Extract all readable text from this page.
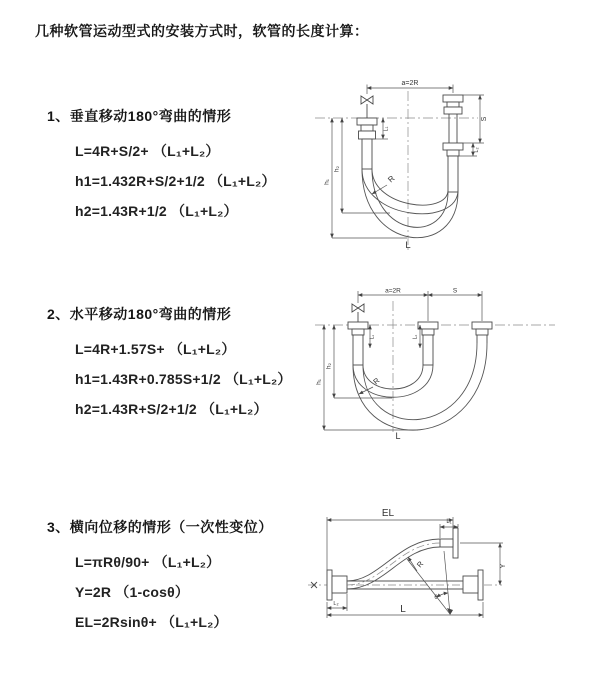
几种软管运动型式的安装方式时，软管的长度计算：
1、垂直移动180°弯曲的情形
L=4R+S/2+ （L₁+L₂）
h1=1.432R+S/2+1/2 （L₁+L₂）
h2=1.43R+1/2 （L₁+L₂）
2、水平移动180°弯曲的情形
L=4R+1.57S+ （L₁+L₂）
h1=1.43R+0.785S+1/2 （L₁+L₂）
h2=1.43R+S/2+1/2 （L₁+L₂）
3、横向位移的情形（一次性变位）
L=πRθ/90+ （L₁+L₂）
Y=2R （1-cosθ）
EL=2Rsinθ+ （L₁+L₂）
a=2R
h₁
h₂
L₁
S
L₂
R
L
a=2R	S
h₁
h₂
L₁	L₂
R
L
EL
L₁
Y
L
L₂
R
θ
